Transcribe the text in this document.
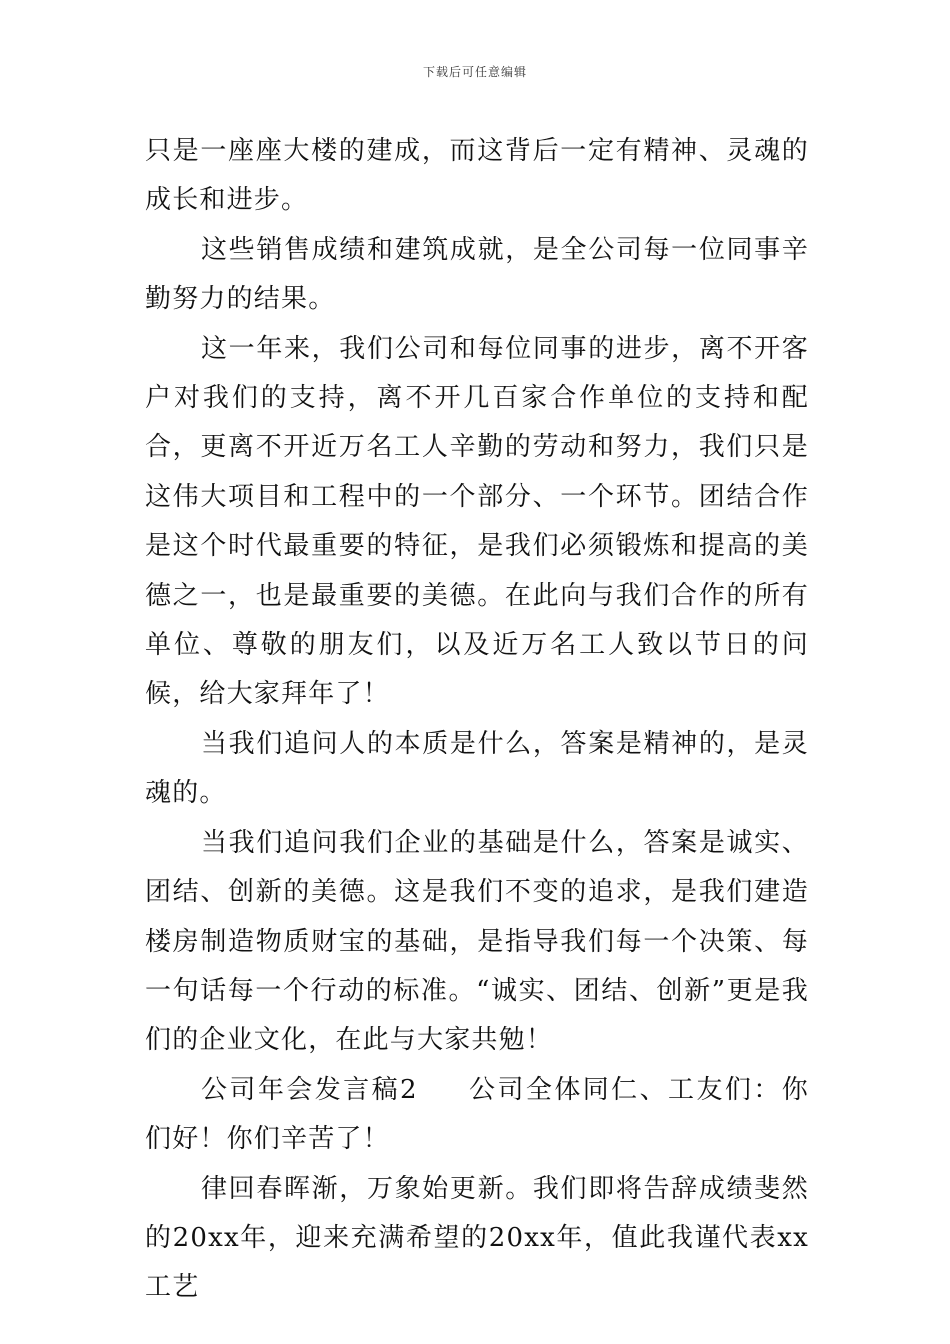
下载后可任意编辑

只是一座座大楼的建成，而这背后一定有精神、灵魂的成长和进步。

这些销售成绩和建筑成就，是全公司每一位同事辛勤努力的结果。

这一年来，我们公司和每位同事的进步，离不开客户对我们的支持，离不开几百家合作单位的支持和配合，更离不开近万名工人辛勤的劳动和努力，我们只是这伟大项目和工程中的一个部分、一个环节。团结合作是这个时代最重要的特征，是我们必须锻炼和提高的美德之一，也是最重要的美德。在此向与我们合作的所有单位、尊敬的朋友们，以及近万名工人致以节日的问候，给大家拜年了！

当我们追问人的本质是什么，答案是精神的，是灵魂的。

当我们追问我们企业的基础是什么，答案是诚实、团结、创新的美德。这是我们不变的追求，是我们建造楼房制造物质财宝的基础，是指导我们每一个决策、每一句话每一个行动的标准。“诚实、团结、创新”更是我们的企业文化，在此与大家共勉！

公司年会发言稿2 公司全体同仁、工友们：你们好！你们辛苦了！

律回春晖渐，万象始更新。我们即将告辞成绩斐然的20xx年，迎来充满希望的20xx年，值此我谨代表xx工艺
